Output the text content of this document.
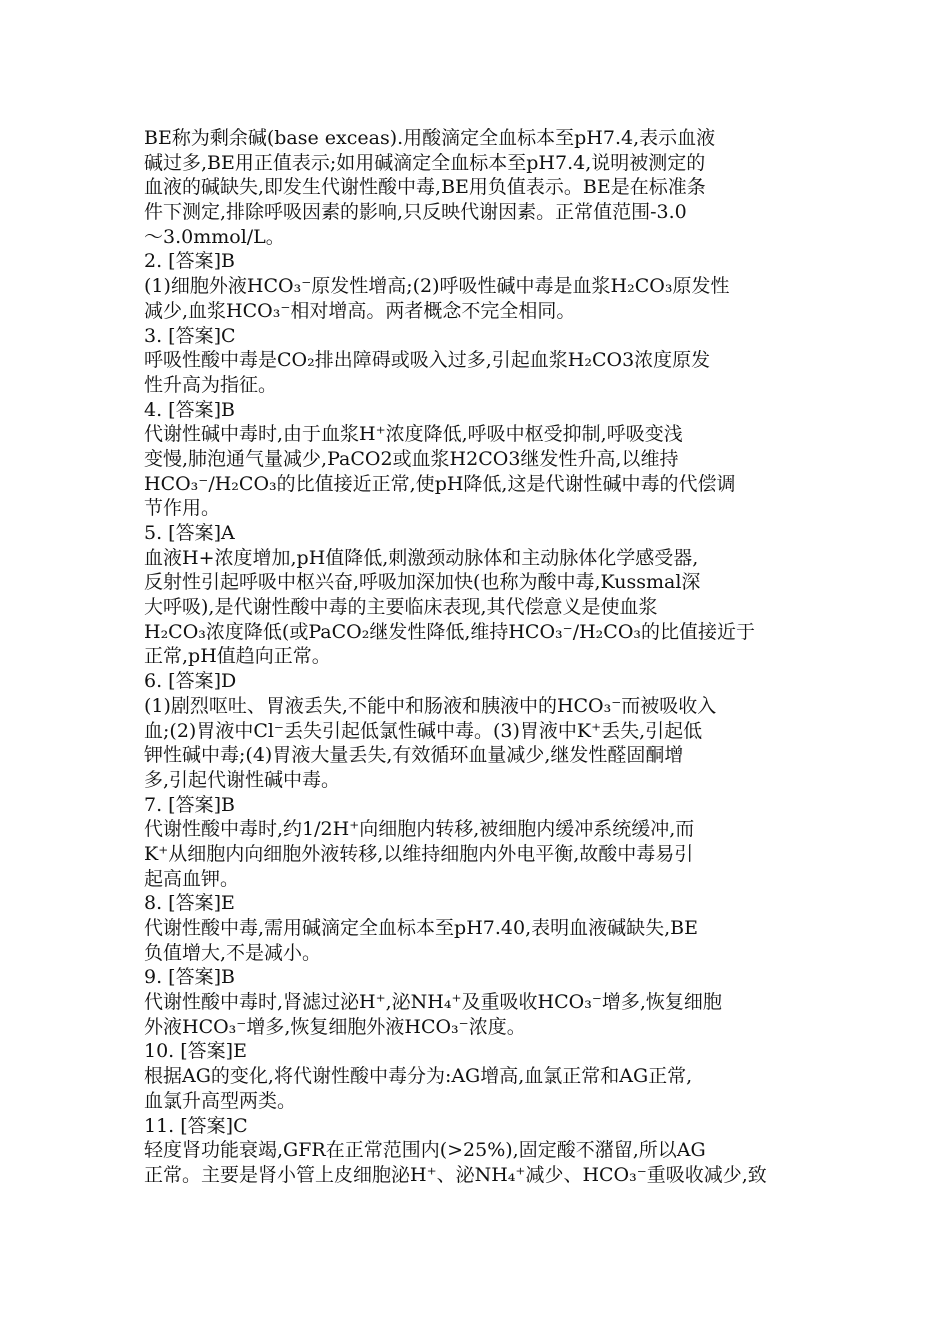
BE称为剩余碱(base exceas).用酸滴定全血标本至pH7.4,表示血液
碱过多,BE用正值表示;如用碱滴定全血标本至pH7.4,说明被测定的
血液的碱缺失,即发生代谢性酸中毒,BE用负值表示。BE是在标准条
件下测定,排除呼吸因素的影响,只反映代谢因素。正常值范围-3.0
～3.0mmol/L。
2. [答案]B
(1)细胞外液HCO₃⁻原发性增高;(2)呼吸性碱中毒是血浆H₂CO₃原发性
减少,血浆HCO₃⁻相对增高。两者概念不完全相同。
3. [答案]C
呼吸性酸中毒是CO₂排出障碍或吸入过多,引起血浆H₂CO3浓度原发
性升高为指征。
4. [答案]B
代谢性碱中毒时,由于血浆H⁺浓度降低,呼吸中枢受抑制,呼吸变浅
变慢,肺泡通气量减少,PaCO2或血浆H2CO3继发性升高,以维持
HCO₃⁻/H₂CO₃的比值接近正常,使pH降低,这是代谢性碱中毒的代偿调
节作用。
5. [答案]A
血液H+浓度增加,pH值降低,刺激颈动脉体和主动脉体化学感受器,
反射性引起呼吸中枢兴奋,呼吸加深加快(也称为酸中毒,Kussmal深
大呼吸),是代谢性酸中毒的主要临床表现,其代偿意义是使血浆
H₂CO₃浓度降低(或PaCO₂继发性降低,维持HCO₃⁻/H₂CO₃的比值接近于
正常,pH值趋向正常。
6. [答案]D
(1)剧烈呕吐、胃液丢失,不能中和肠液和胰液中的HCO₃⁻而被吸收入
血;(2)胃液中Cl⁻丢失引起低氯性碱中毒。(3)胃液中K⁺丢失,引起低
钾性碱中毒;(4)胃液大量丢失,有效循环血量减少,继发性醛固酮增
多,引起代谢性碱中毒。
7. [答案]B
代谢性酸中毒时,约1/2H⁺向细胞内转移,被细胞内缓冲系统缓冲,而
K⁺从细胞内向细胞外液转移,以维持细胞内外电平衡,故酸中毒易引
起高血钾。
8. [答案]E
代谢性酸中毒,需用碱滴定全血标本至pH7.40,表明血液碱缺失,BE
负值增大,不是减小。
9. [答案]B
代谢性酸中毒时,肾滤过泌H⁺,泌NH₄⁺及重吸收HCO₃⁻增多,恢复细胞
外液HCO₃⁻增多,恢复细胞外液HCO₃⁻浓度。
10. [答案]E
根据AG的变化,将代谢性酸中毒分为:AG增高,血氯正常和AG正常,
血氯升高型两类。
11. [答案]C
轻度肾功能衰竭,GFR在正常范围内(>25%),固定酸不潴留,所以AG
正常。主要是肾小管上皮细胞泌H⁺、泌NH₄⁺减少、HCO₃⁻重吸收减少,致
